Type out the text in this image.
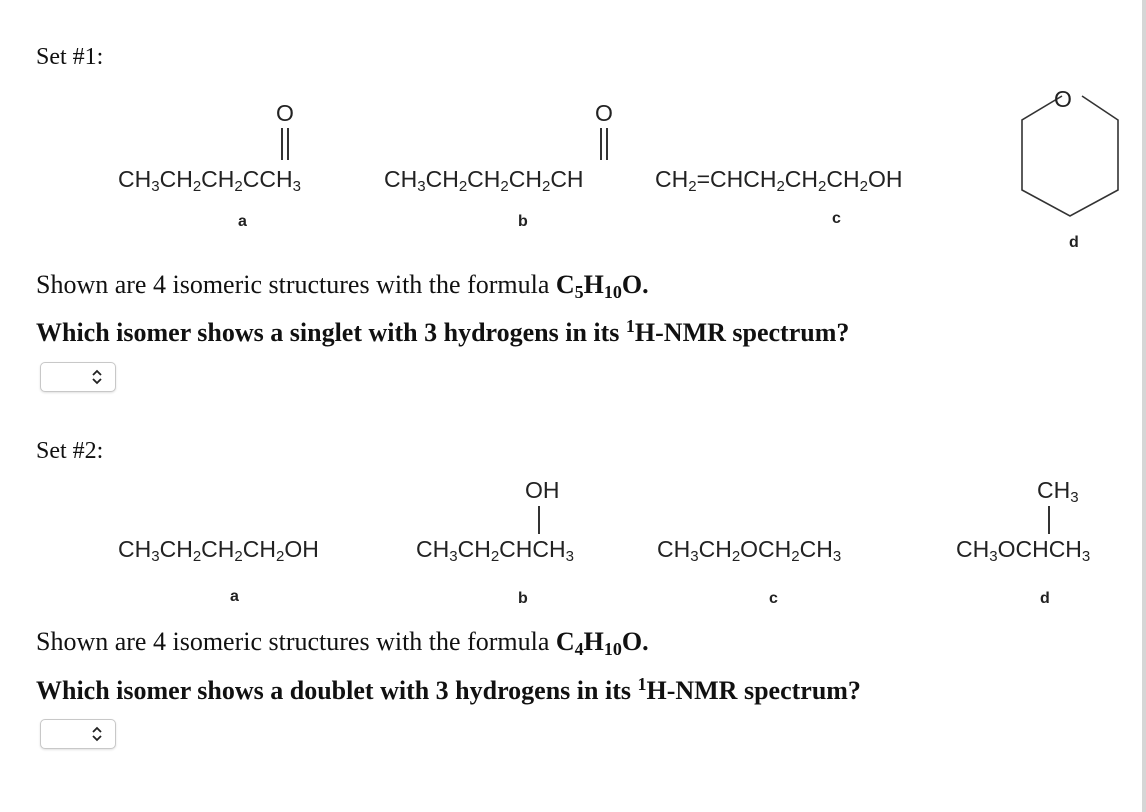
Set #1:
O
$CH_3CH_2CH_2CCH_3$
a
O
$CH_3CH_2CH_2CH_2CH$
b
$CH_2=CHCH_2CH_2CH_2OH$
c
O
d
Shown are 4 isomeric structures with the formula $C_5H_{10}O$.
Which isomer shows a singlet with 3 hydrogens in its $^1$H-NMR spectrum?
Set #2:
$CH_3CH_2CH_2CH_2OH$
a
OH
$CH_3CH_2CHCH_3$
b
$CH_3CH_2OCH_2CH_3$
c
$CH_3$
$CH_3OCHCH_3$
d
Shown are 4 isomeric structures with the formula $C_4H_{10}O$.
Which isomer shows a doublet with 3 hydrogens in its $^1$H-NMR spectrum?
